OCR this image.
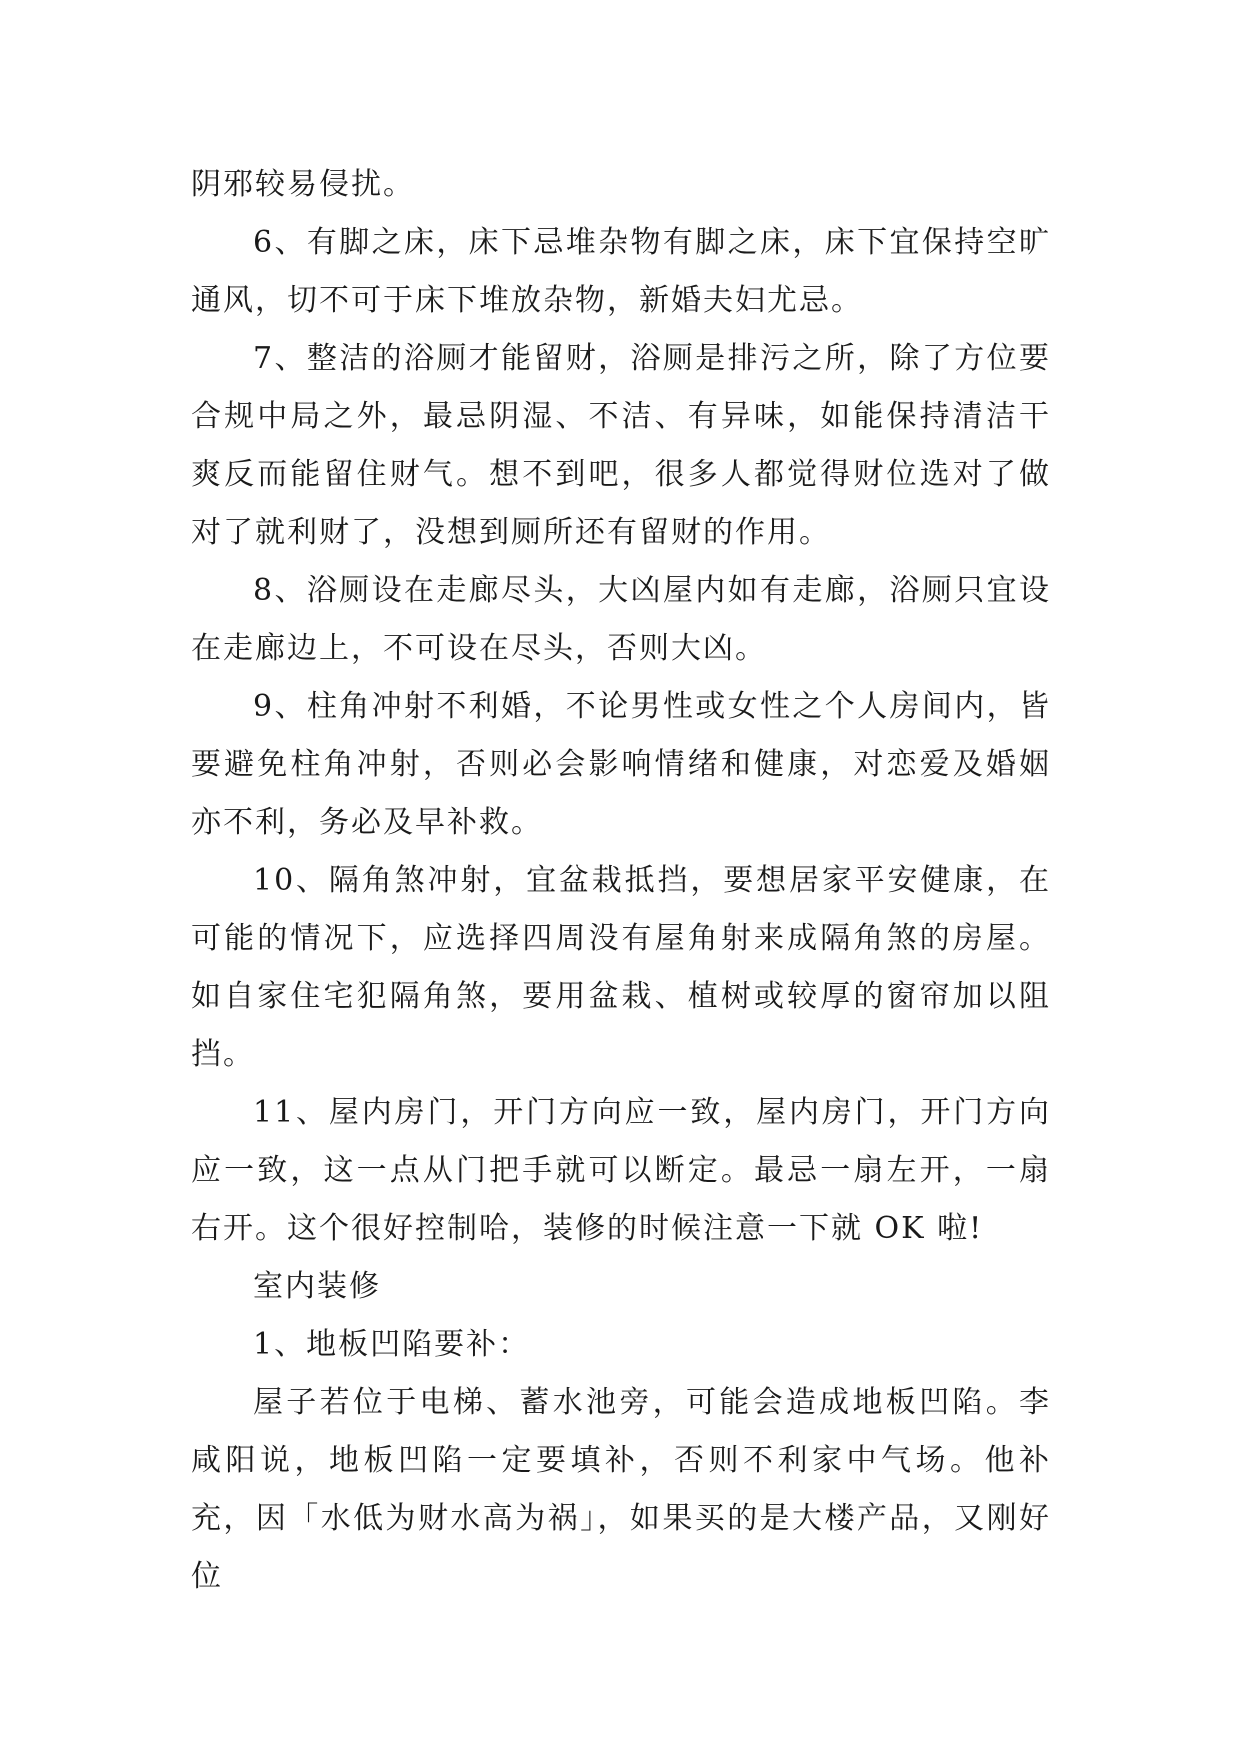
阴邪较易侵扰。

6、有脚之床，床下忌堆杂物有脚之床，床下宜保持空旷通风，切不可于床下堆放杂物，新婚夫妇尤忌。

7、整洁的浴厕才能留财，浴厕是排污之所，除了方位要合规中局之外，最忌阴湿、不洁、有异味，如能保持清洁干爽反而能留住财气。想不到吧，很多人都觉得财位选对了做对了就利财了，没想到厕所还有留财的作用。

8、浴厕设在走廊尽头，大凶屋内如有走廊，浴厕只宜设在走廊边上，不可设在尽头，否则大凶。

9、柱角冲射不利婚，不论男性或女性之个人房间内，皆要避免柱角冲射，否则必会影响情绪和健康，对恋爱及婚姻亦不利，务必及早补救。

10、隔角煞冲射，宜盆栽抵挡，要想居家平安健康，在可能的情况下，应选择四周没有屋角射来成隔角煞的房屋。如自家住宅犯隔角煞，要用盆栽、植树或较厚的窗帘加以阻挡。

11、屋内房门，开门方向应一致，屋内房门，开门方向应一致，这一点从门把手就可以断定。最忌一扇左开，一扇右开。这个很好控制哈，装修的时候注意一下就 OK 啦!

室内装修

1、地板凹陷要补：

屋子若位于电梯、蓄水池旁，可能会造成地板凹陷。李咸阳说，地板凹陷一定要填补，否则不利家中气场。他补充，因「水低为财水高为祸」，如果买的是大楼产品，又刚好位
